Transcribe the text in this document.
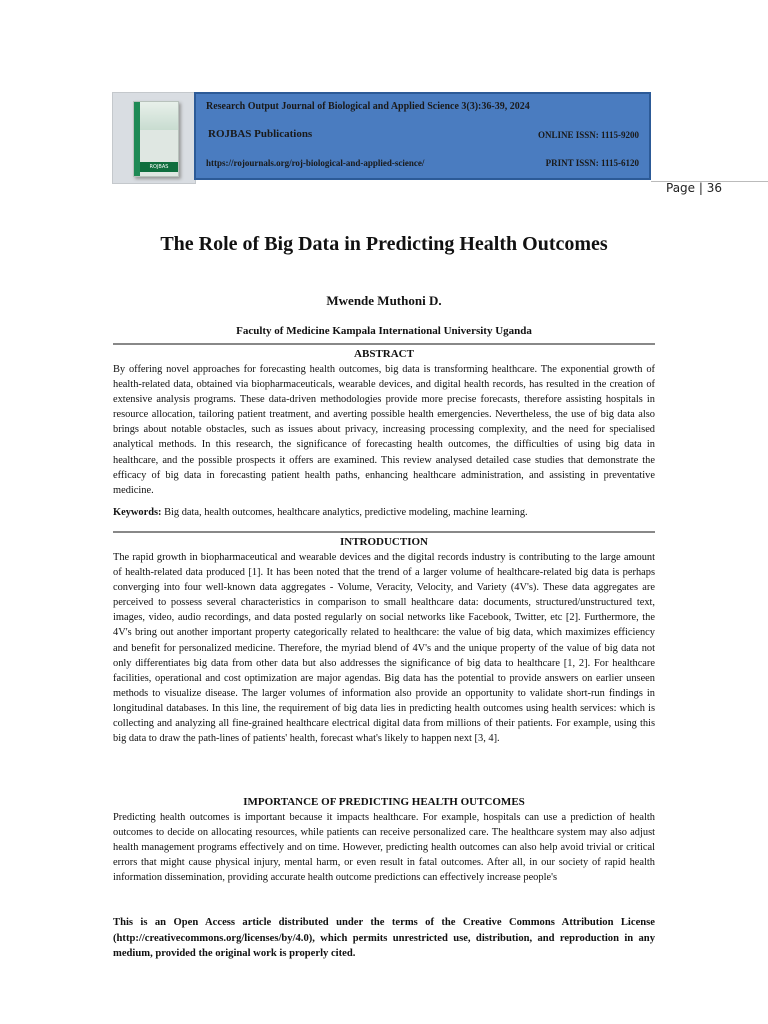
ROJBAS
Research Output Journal of Biological and Applied Science 3(3):36-39, 2024
ROJBAS Publications	ONLINE ISSN: 1115-9200
https://rojournals.org/roj-biological-and-applied-science/	PRINT ISSN: 1115-6120
Page | 36
The Role of Big Data in Predicting Health Outcomes
Mwende Muthoni D.
Faculty of Medicine Kampala International University Uganda
ABSTRACT
By offering novel approaches for forecasting health outcomes, big data is transforming healthcare. The exponential growth of health-related data, obtained via biopharmaceuticals, wearable devices, and digital health records, has resulted in the creation of extensive analysis programs. These data-driven methodologies provide more precise forecasts, therefore assisting hospitals in resource allocation, tailoring patient treatment, and averting possible health emergencies. Nevertheless, the use of big data also brings about notable obstacles, such as issues about privacy, increasing processing complexity, and the need for specialised analytical methods. In this research, the significance of forecasting health outcomes, the difficulties of using big data in healthcare, and the possible prospects it offers are examined. This review analysed detailed case studies that demonstrate the efficacy of big data in forecasting patient health paths, enhancing healthcare administration, and assisting in preventative medicine.
Keywords: Big data, health outcomes, healthcare analytics, predictive modeling, machine learning.
INTRODUCTION
The rapid growth in biopharmaceutical and wearable devices and the digital records industry is contributing to the large amount of health-related data produced [1]. It has been noted that the trend of a larger volume of healthcare-related big data is perhaps converging into four well-known data aggregates - Volume, Veracity, Velocity, and Variety (4V's). These data aggregates are perceived to possess several characteristics in comparison to small healthcare data: documents, structured/unstructured text, images, video, audio recordings, and data posted regularly on social networks like Facebook, Twitter, etc [2]. Furthermore, the 4V's bring out another important property categorically related to healthcare: the value of big data, which maximizes efficiency and benefit for personalized medicine. Therefore, the myriad blend of 4V's and the unique property of the value of big data not only differentiates big data from other data but also addresses the significance of big data to healthcare [1, 2]. For healthcare facilities, operational and cost optimization are major agendas. Big data has the potential to provide answers on earlier unseen methods to visualize disease. The larger volumes of information also provide an opportunity to validate short-run findings in longitudinal databases. In this line, the requirement of big data lies in predicting health outcomes using health services: which is collecting and analyzing all fine-grained healthcare electrical digital data from millions of their patients. For example, using this big data to draw the path-lines of patients' health, forecast what's likely to happen next [3, 4].
IMPORTANCE OF PREDICTING HEALTH OUTCOMES
Predicting health outcomes is important because it impacts healthcare. For example, hospitals can use a prediction of health outcomes to decide on allocating resources, while patients can receive personalized care. The healthcare system may also adjust health management programs effectively and on time. However, predicting health outcomes can also help avoid trivial or critical errors that might cause physical injury, mental harm, or even result in fatal outcomes. After all, in our society of rapid health information dissemination, providing accurate health outcome predictions can effectively increase people's
This is an Open Access article distributed under the terms of the Creative Commons Attribution License (http://creativecommons.org/licenses/by/4.0), which permits unrestricted use, distribution, and reproduction in any medium, provided the original work is properly cited.
